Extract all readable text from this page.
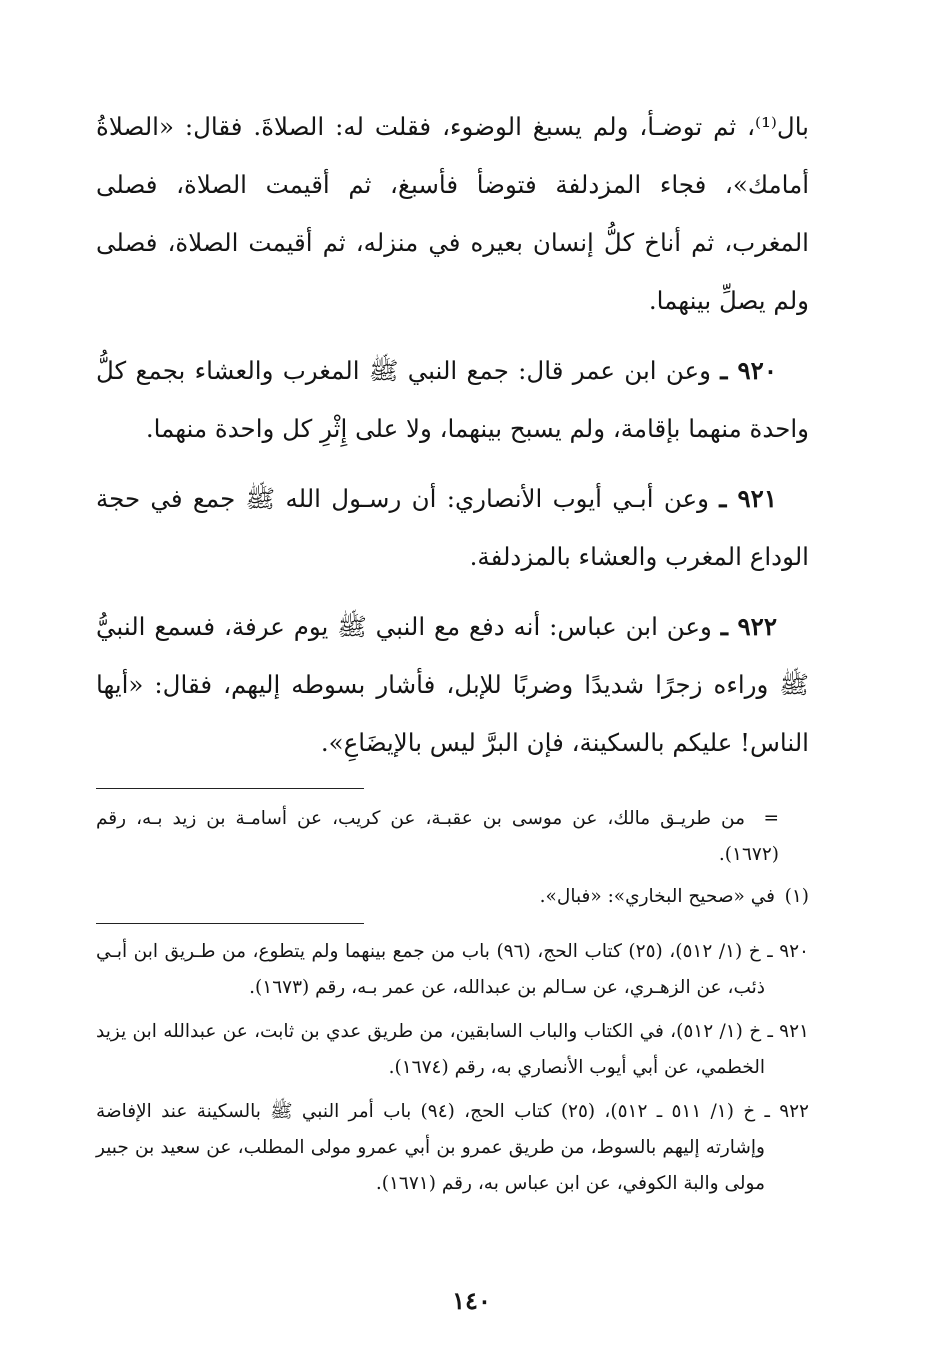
بال⁽¹⁾، ثم توضـأ، ولم يسبغ الوضوء، فقلت له: الصلاةَ. فقال: «الصلاةُ أمامك»، فجاء المزدلفة فتوضأ فأسبغ، ثم أقيمت الصلاة، فصلى المغرب، ثم أناخ كلُّ إنسان بعيره في منزله، ثم أقيمت الصلاة، فصلى ولم يصلِّ بينهما.

٩٢٠ ـ وعن ابن عمر قال: جمع النبي ﷺ المغرب والعشاء بجمع كلُّ واحدة منهما بإقامة، ولم يسبح بينهما، ولا على إِثْرِ كل واحدة منهما.

٩٢١ ـ وعن أبـي أيوب الأنصاري: أن رسـول الله ﷺ جمع في حجة الوداع المغرب والعشاء بالمزدلفة.

٩٢٢ ـ وعن ابن عباس: أنه دفع مع النبي ﷺ يوم عرفة، فسمع النبيُّ ﷺ وراءه زجرًا شديدًا وضربًا للإبل، فأشار بسوطه إليهم، فقال: «أيها الناس! عليكم بالسكينة، فإن البرَّ ليس بالإيضَاعِ».

=من طريـق مالك، عن موسى بن عقبـة، عن كريب، عن أسامـة بن زيد بـه، رقم (١٦٧٢).

(١)في «صحيح البخاري»: «فبال».

٩٢٠ ـ خ (١/ ٥١٢)، (٢٥) كتاب الحج، (٩٦) باب من جمع بينهما ولم يتطوع، من طـريق ابن أبـي ذئب، عن الزهـري، عن سـالم بن عبدالله، عن عمر بـه، رقم (١٦٧٣).

٩٢١ ـ خ (١/ ٥١٢)، في الكتاب والباب السابقين، من طريق عدي بن ثابت، عن عبدالله ابن يزيد الخطمي، عن أبي أيوب الأنصاري به، رقم (١٦٧٤).

٩٢٢ ـ خ (١/ ٥١١ ـ ٥١٢)، (٢٥) كتاب الحج، (٩٤) باب أمر النبي ﷺ بالسكينة عند الإفاضة وإشارته إليهم بالسوط، من طريق عمرو بن أبي عمرو مولى المطلب، عن سعيد بن جبير مولى والبة الكوفي، عن ابن عباس به، رقم (١٦٧١).

١٤٠
